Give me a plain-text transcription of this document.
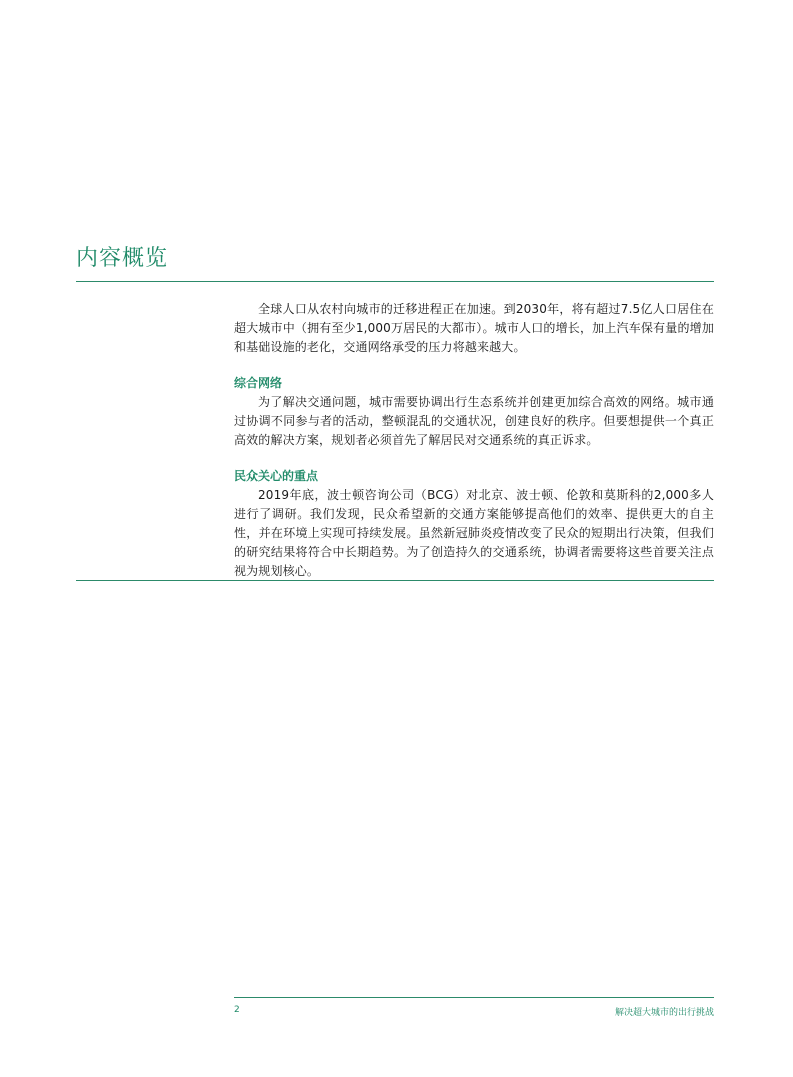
内容概览

全球人口从农村向城市的迁移进程正在加速。到2030年，将有超过7.5亿人口居住在超大城市中（拥有至少1,000万居民的大都市）。城市人口的增长，加上汽车保有量的增加和基础设施的老化，交通网络承受的压力将越来越大。

综合网络

为了解决交通问题，城市需要协调出行生态系统并创建更加综合高效的网络。城市通过协调不同参与者的活动，整顿混乱的交通状况，创建良好的秩序。但要想提供一个真正高效的解决方案，规划者必须首先了解居民对交通系统的真正诉求。

民众关心的重点

2019年底，波士顿咨询公司（BCG）对北京、波士顿、伦敦和莫斯科的2,000多人进行了调研。我们发现，民众希望新的交通方案能够提高他们的效率、提供更大的自主性，并在环境上实现可持续发展。虽然新冠肺炎疫情改变了民众的短期出行决策，但我们的研究结果将符合中长期趋势。为了创造持久的交通系统，协调者需要将这些首要关注点视为规划核心。

2	解决超大城市的出行挑战
